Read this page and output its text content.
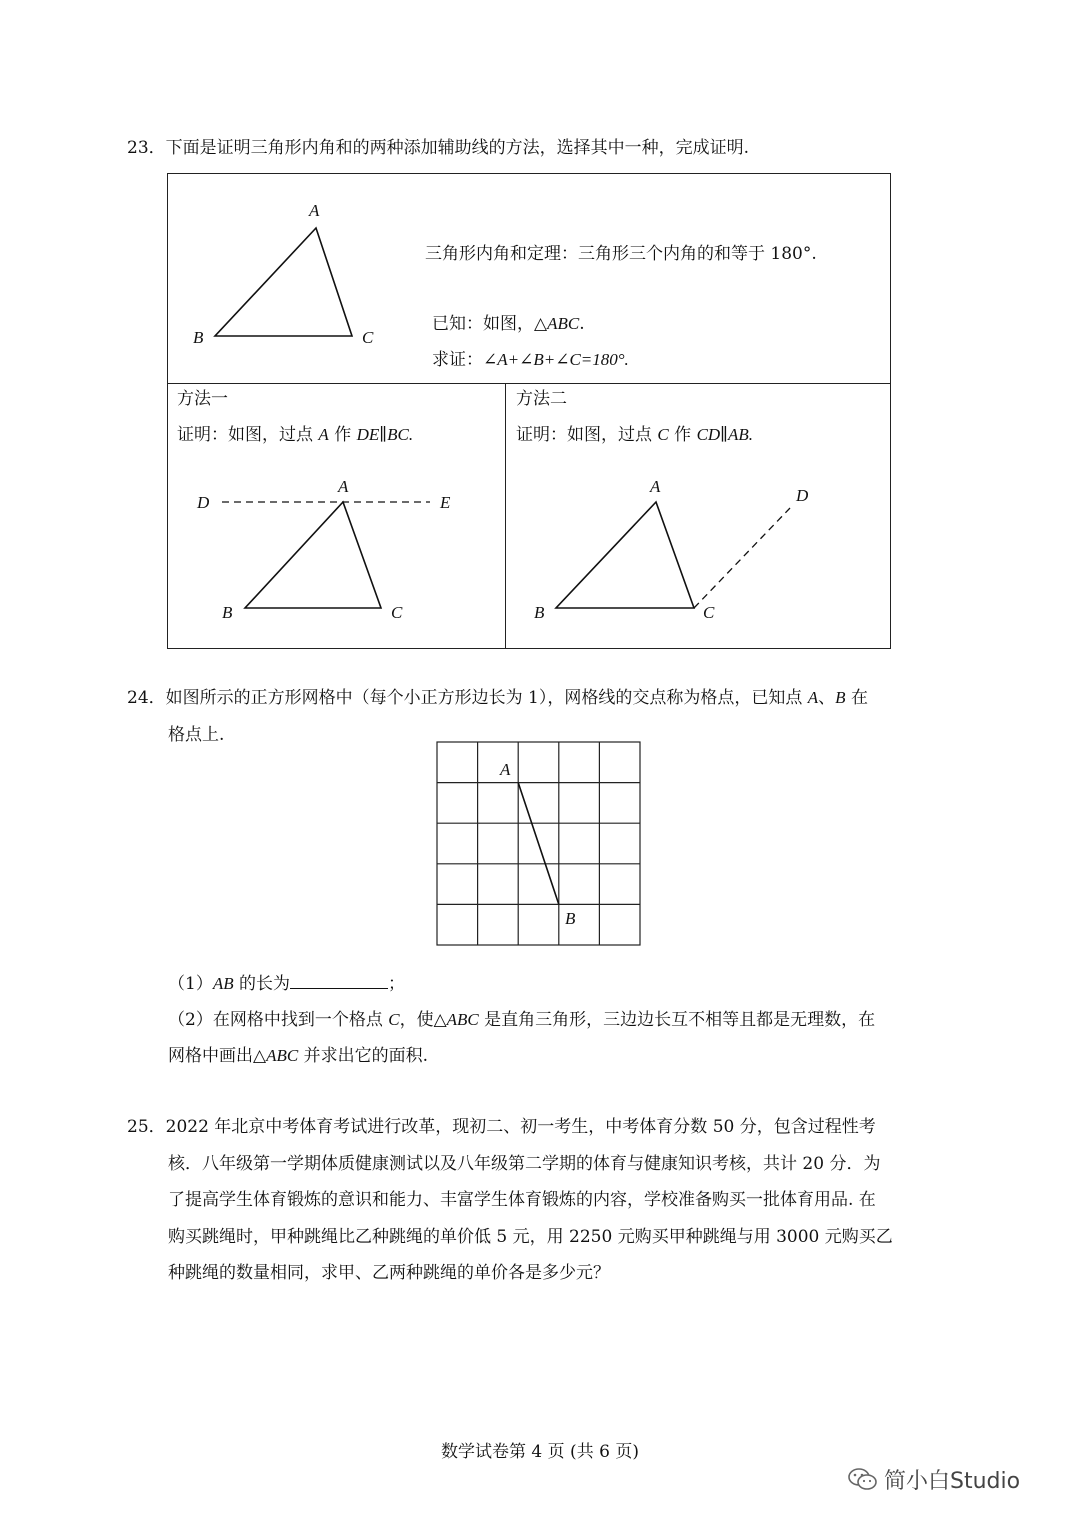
23．下面是证明三角形内角和的两种添加辅助线的方法，选择其中一种，完成证明.
A
B	C
三角形内角和定理：三角形三个内角的和等于 180°.
已知：如图，△ABC.
求证：∠A+∠B+∠C=180°.
方法一
证明：如图，过点 A 作 DE∥BC.
A
D	E
B	C
方法二
证明：如图，过点 C 作 CD∥AB.
A	D
B	C
24．如图所示的正方形网格中（每个小正方形边长为 1），网格线的交点称为格点，已知点 A、B 在
格点上.
A
B
（1）AB 的长为	；
（2）在网格中找到一个格点 C，使△ABC 是直角三角形，三边边长互不相等且都是无理数，在
网格中画出△ABC 并求出它的面积.
25．2022 年北京中考体育考试进行改革，现初二、初一考生，中考体育分数 50 分，包含过程性考
核．八年级第一学期体质健康测试以及八年级第二学期的体育与健康知识考核，共计 20 分．为
了提高学生体育锻炼的意识和能力、丰富学生体育锻炼的内容，学校准备购买一批体育用品. 在
购买跳绳时，甲种跳绳比乙种跳绳的单价低 5 元，用 2250 元购买甲种跳绳与用 3000 元购买乙
种跳绳的数量相同，求甲、乙两种跳绳的单价各是多少元？
数学试卷第 4 页 (共 6 页)
简小白Studio
